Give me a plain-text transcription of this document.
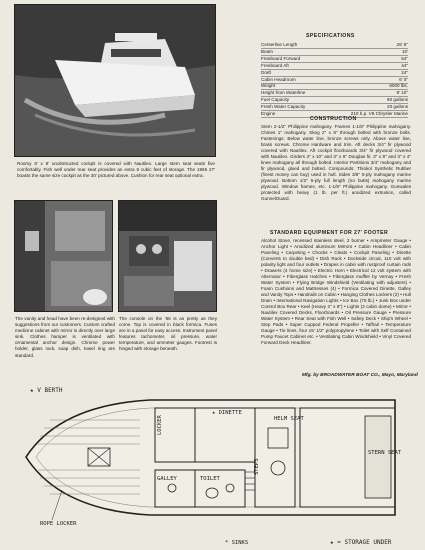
Roomy 8' x 8' unobstructed cockpit is covered with Nautilex. Large stern seat seats five comfortably. Fish well under rear seat provides an extra 8 cubic feet of storage. The 1965 27' boasts the same size cockpit as the 30' pictured above. Cushion for rear seat optional extra.
The vanity and head have been re-designed with suggestions from our customers. Custom crafted medicine cabinet with mirror is directly over large sink. Clothes hamper is ventilated with ornamental anchor design. Chrome power holder, glass rack, soap dish, towel ring are standard.
The console on the '66 is as pretty as they come. Top is covered in black formica. Fuses are in a panel for easy access. Instrument panel features tachometer, oil pressure, water temperature, and ammeter gauges. Footrest is hinged with storage beneath.
SPECIFICATIONS
Centerline Length	26' 6"
Beam	10'
Freeboard Forward	54"
Freeboard Aft	44"
Draft	24"
Cabin Headroom	6' 0"
Weight	6000 lbs.
Height from Waterline	9' 10"
Fuel Capacity	60 gallons
Fresh Water Capacity	20 gallons
Engine	210 h.p. V8 Chrysler Marine
CONSTRUCTION
Stem 2-1/2" Philippine mahogany. Frames 1-1/8" Philippine mahogany. Chines 1" mahogany. Skeg 2" x 8" through bolted with bronze bolts. Fastenings: Below water line, bronze screws only. Above water line, brass screws. Chrome Hardware and trim. Aft decks 3/4" fir plywood covered with Nautilex. Aft cockpit floorboards 3/4" fir plywood covered with Nautilex. Girders 3" x 10" and 3" x 6" Douglas fir. 3" x 8" and 3" x 4" knee mahogany all through bolted. Interior Partitions 3/4" mahogany and fir plywood, glued and bolted. Compounds: Thiokol Synthetic Rubber (finest money can buy) used in hull. Sides 3/8" 5-ply mahogany marine plywood. Bottom 1/2" 5-ply full length (no butts) mahogany marine plywood. Window frames, etc. 1-1/8" Philippine mahogany. Gunwales protected with heavy (1 lb. per ft.) anodized extrusion, called GunnelGuard.
STANDARD EQUIPMENT FOR 27' FOOTER
Alcohol Stove, recessed stainless steel, 2 burner • Ampmeter Gauge • Anchor Light • Anodized aluminum Mirrors • Cabin Headliner • Cabin Paneling • Carpeting • Chocks • Cleats • Cockpit Paneling • Dinette (Converts to double bed) • Dish Rack • Dockside circuit, 110 volt with polarity light and four outlets • Drapes in cabin with rustproof curtain rods • Drawers (4 home size) • Electric Horn • Electrical 12 volt system with Alternator • Fiberglass Hatches • Fiberglass muffler by Vernay • Fresh Water System • Flying Bridge Windshield (Ventilating with adjusters) • Foam Cushions and Mattresses (4) • Formica Covered Dinette, Galley and Vanity Tops • Handrails on Cabin • Hanging Clothes Lockers (2) • Hull Drain • International Navigation Lights • Ice Box (75 lb.) • Junk Box under Control Box Rear • Keel (Heavy 2" x 8") • Lights (3 cabin dome) • Mirror • Nautilex Covered Decks, Floorboards • Oil Pressure Gauge • Pressure Water System • Rear Seat with Fish Well • Safety Deck • Ship's Wheel • Step Pads • Super Cupped Federal Propeller • Taffrail • Temperature Gauge • Tie lines, four 15' 1/2" polypropylene • Toilet with Self Contained Pump Faucet Cabinet etc. • Ventilating Cabin Windshield • Vinyl Covered Forward Deck Headliner.
Mfg. by BROADWATER BOAT CO., Mayo, Maryland
★ V BERTH
LOCKER
★ DINETTE
HELM SEAT
STERN SEAT
STEPS
GALLEY	TOILET
ROPE LOCKER
* SINKS	★ = STORAGE UNDER
